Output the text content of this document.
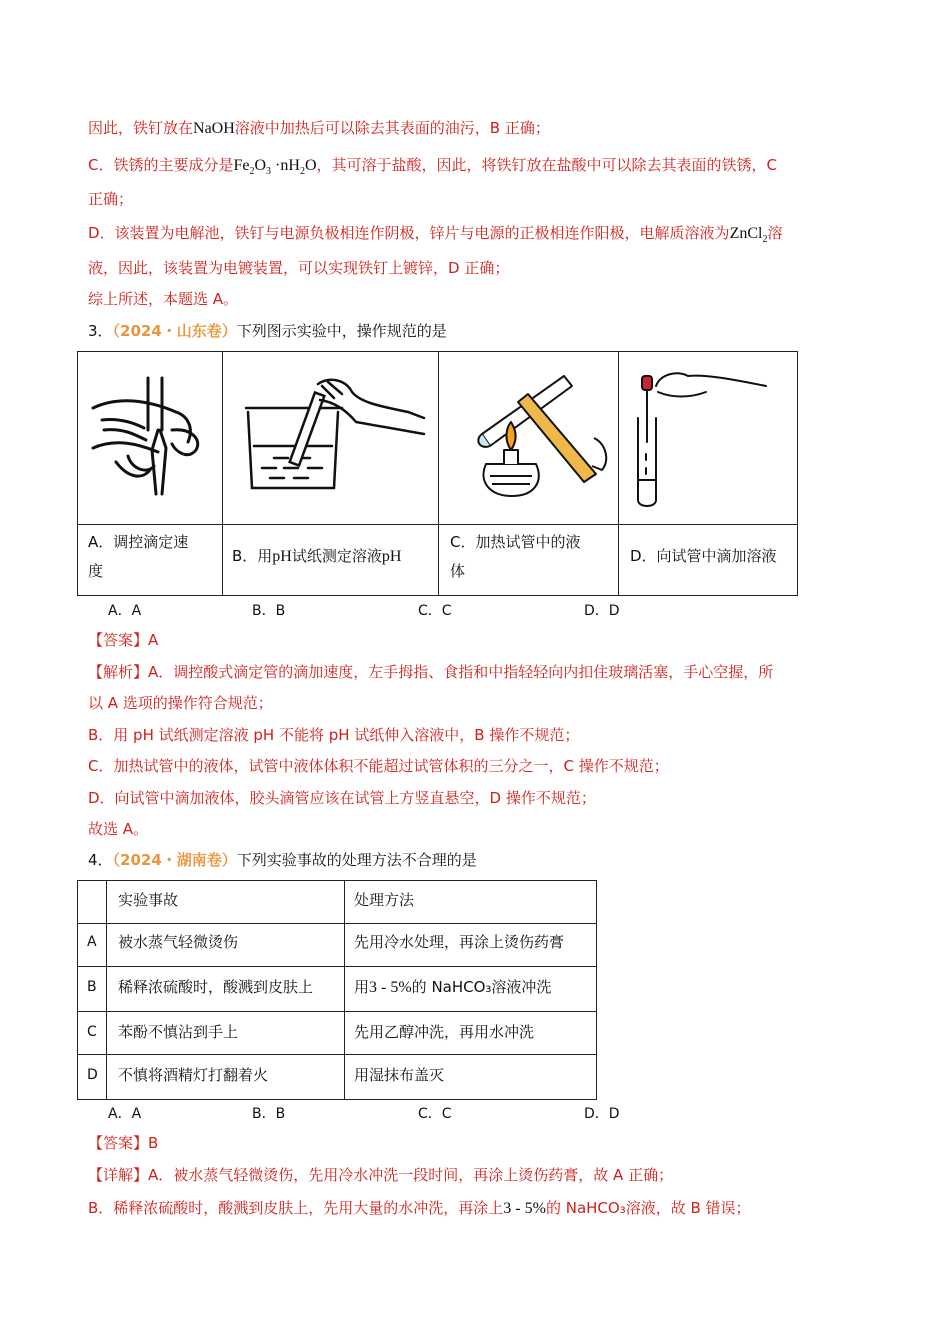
因此，铁钉放在NaOH溶液中加热后可以除去其表面的油污，B 正确；
C．铁锈的主要成分是$Fe_2O_3 \cdot nH_2O$，其可溶于盐酸，因此，将铁钉放在盐酸中可以除去其表面的铁锈，C
正确；
D．该装置为电解池，铁钉与电源负极相连作阴极，锌片与电源的正极相连作阳极，电解质溶液为ZnCl$_2$溶
液，因此，该装置为电镀装置，可以实现铁钉上镀锌，D 正确；
综上所述，本题选 A。
3．（2024・山东卷）下列图示实验中，操作规范的是
A．调控滴定速
度
B．用pH试纸测定溶液pH
C．加热试管中的液
体
D．向试管中滴加溶液
A．A	B．B	C．C	D．D
【答案】A
【解析】A．调控酸式滴定管的滴加速度，左手拇指、食指和中指轻轻向内扣住玻璃活塞，手心空握，所
以 A 选项的操作符合规范；
B．用 pH 试纸测定溶液 pH 不能将 pH 试纸伸入溶液中，B 操作不规范；
C．加热试管中的液体，试管中液体体积不能超过试管体积的三分之一，C 操作不规范；
D．向试管中滴加液体，胶头滴管应该在试管上方竖直悬空，D 操作不规范；
故选 A。
4．（2024・湖南卷）下列实验事故的处理方法不合理的是
实验事故	处理方法
A 被水蒸气轻微烫伤	先用冷水处理，再涂上烫伤药膏
B 稀释浓硫酸时，酸溅到皮肤上	用3 - 5%的 NaHCO₃溶液冲洗
C 苯酚不慎沾到手上	先用乙醇冲洗，再用水冲洗
D 不慎将酒精灯打翻着火	用湿抹布盖灭
A．A	B．B	C．C	D．D
【答案】B
【详解】A．被水蒸气轻微烫伤，先用冷水冲洗一段时间，再涂上烫伤药膏，故 A 正确；
B．稀释浓硫酸时，酸溅到皮肤上，先用大量的水冲洗，再涂上3 - 5%的 NaHCO₃溶液，故 B 错误；
